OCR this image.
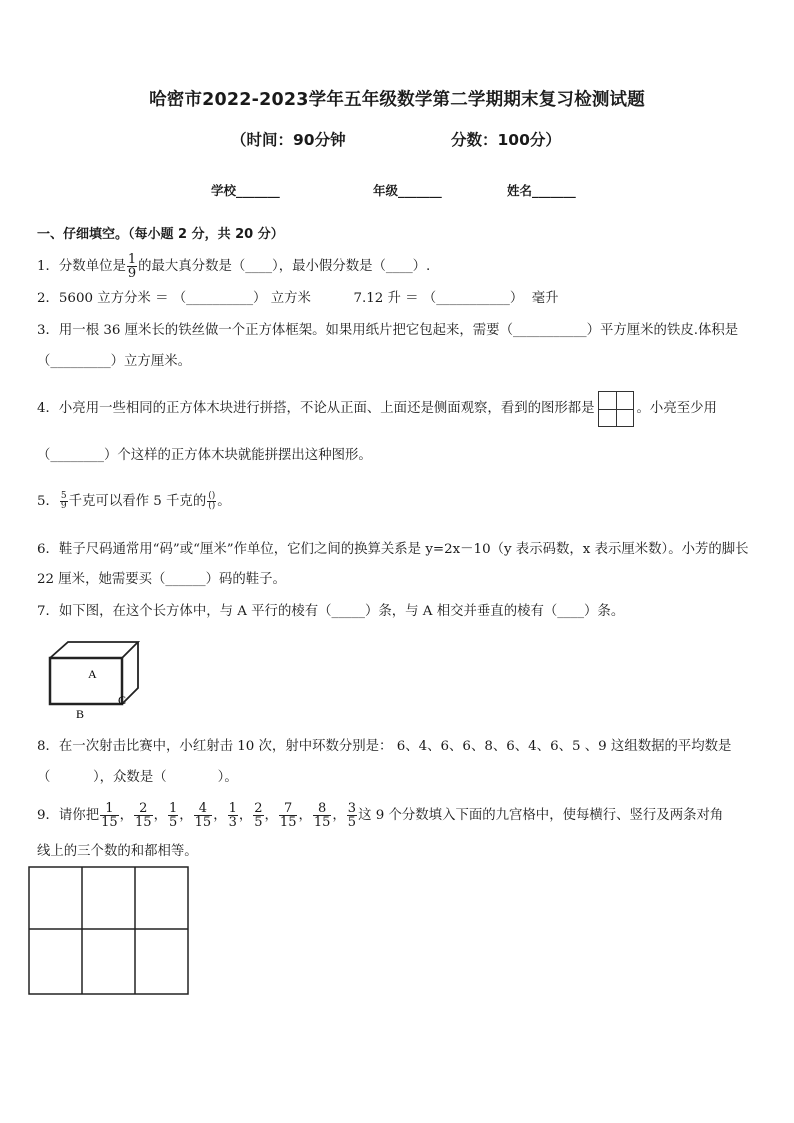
哈密市2022-2023学年五年级数学第二学期期末复习检测试题
（时间：90分钟	分数：100分）
学校_______	年级_______	姓名_______
一、仔细填空。（每小题 2 分，共 20 分）
1．分数单位是 $\frac{1}{9}$ 的最大真分数是（____），最小假分数是（____）.
2．5600 立方分米 ＝ （__________） 立方米          7.12 升 ＝ （___________）  毫升
3．用一根 36 厘米长的铁丝做一个正方体框架。如果用纸片把它包起来，需要（___________）平方厘米的铁皮.体积是
（_________）立方厘米。
4．小亮用一些相同的正方体木块进行拼搭，不论从正面、上面还是侧面观察，看到的图形都是	。小亮至少用
（________）个这样的正方体木块就能拼摆出这种图形。
5． $\frac{5}{9}$ 千克可以看作 5 千克的 $\frac{()}{()}$ 。
6．鞋子尺码通常用“码”或“厘米”作单位，它们之间的换算关系是 y=2x－10（y 表示码数，x 表示厘米数）。小芳的脚长
22 厘米，她需要买（______）码的鞋子。
7．如下图，在这个长方体中，与 A 平行的棱有（_____）条，与 A 相交并垂直的棱有（____）条。
A
B
C
8．在一次射击比赛中，小红射击 10 次，射中环数分别是： 6、4、6、6、8、6、4、6、5 、9 这组数据的平均数是
（          ），众数是（            ）。
9．请你把 $\frac{1}{15}$ ， $\frac{2}{15}$ ， $\frac{1}{5}$ ， $\frac{4}{15}$ ， $\frac{1}{3}$ ， $\frac{2}{5}$ ， $\frac{7}{15}$ ， $\frac{8}{15}$ ， $\frac{3}{5}$ 这 9 个分数填入下面的九宫格中，使每横行、竖行及两条对角
线上的三个数的和都相等。
